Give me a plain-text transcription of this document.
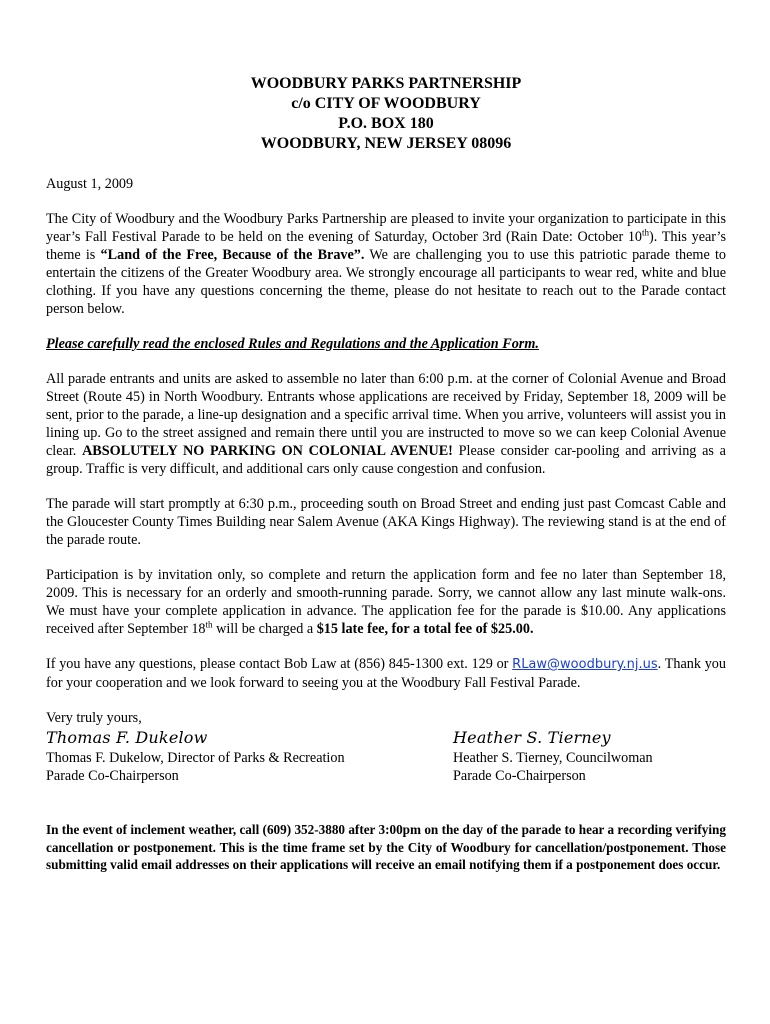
WOODBURY PARKS PARTNERSHIP
c/o CITY OF WOODBURY
P.O. BOX 180
WOODBURY, NEW JERSEY 08096

August 1, 2009

The City of Woodbury and the Woodbury Parks Partnership are pleased to invite your organization to participate in this year’s Fall Festival Parade to be held on the evening of Saturday, October 3rd (Rain Date: October 10th). This year’s theme is “Land of the Free, Because of the Brave”. We are challenging you to use this patriotic parade theme to entertain the citizens of the Greater Woodbury area. We strongly encourage all participants to wear red, white and blue clothing. If you have any questions concerning the theme, please do not hesitate to reach out to the Parade contact person below.

Please carefully read the enclosed Rules and Regulations and the Application Form.

All parade entrants and units are asked to assemble no later than 6:00 p.m. at the corner of Colonial Avenue and Broad Street (Route 45) in North Woodbury. Entrants whose applications are received by Friday, September 18, 2009 will be sent, prior to the parade, a line-up designation and a specific arrival time. When you arrive, volunteers will assist you in lining up. Go to the street assigned and remain there until you are instructed to move so we can keep Colonial Avenue clear. ABSOLUTELY NO PARKING ON COLONIAL AVENUE! Please consider car-pooling and arriving as a group. Traffic is very difficult, and additional cars only cause congestion and confusion.

The parade will start promptly at 6:30 p.m., proceeding south on Broad Street and ending just past Comcast Cable and the Gloucester County Times Building near Salem Avenue (AKA Kings Highway). The reviewing stand is at the end of the parade route.

Participation is by invitation only, so complete and return the application form and fee no later than September 18, 2009. This is necessary for an orderly and smooth-running parade. Sorry, we cannot allow any last minute walk-ons. We must have your complete application in advance. The application fee for the parade is $10.00. Any applications received after September 18th will be charged a $15 late fee, for a total fee of $25.00.

If you have any questions, please contact Bob Law at (856) 845-1300 ext. 129 or RLaw@woodbury.nj.us. Thank you for your cooperation and we look forward to seeing you at the Woodbury Fall Festival Parade.

Very truly yours,

Thomas F. Dukelow
Thomas F. Dukelow, Director of Parks & Recreation
Parade Co-Chairperson
Heather S. Tierney
Heather S. Tierney, Councilwoman
Parade Co-Chairperson

In the event of inclement weather, call (609) 352-3880 after 3:00pm on the day of the parade to hear a recording verifying cancellation or postponement. This is the time frame set by the City of Woodbury for cancellation/postponement. Those submitting valid email addresses on their applications will receive an email notifying them if a postponement does occur.
